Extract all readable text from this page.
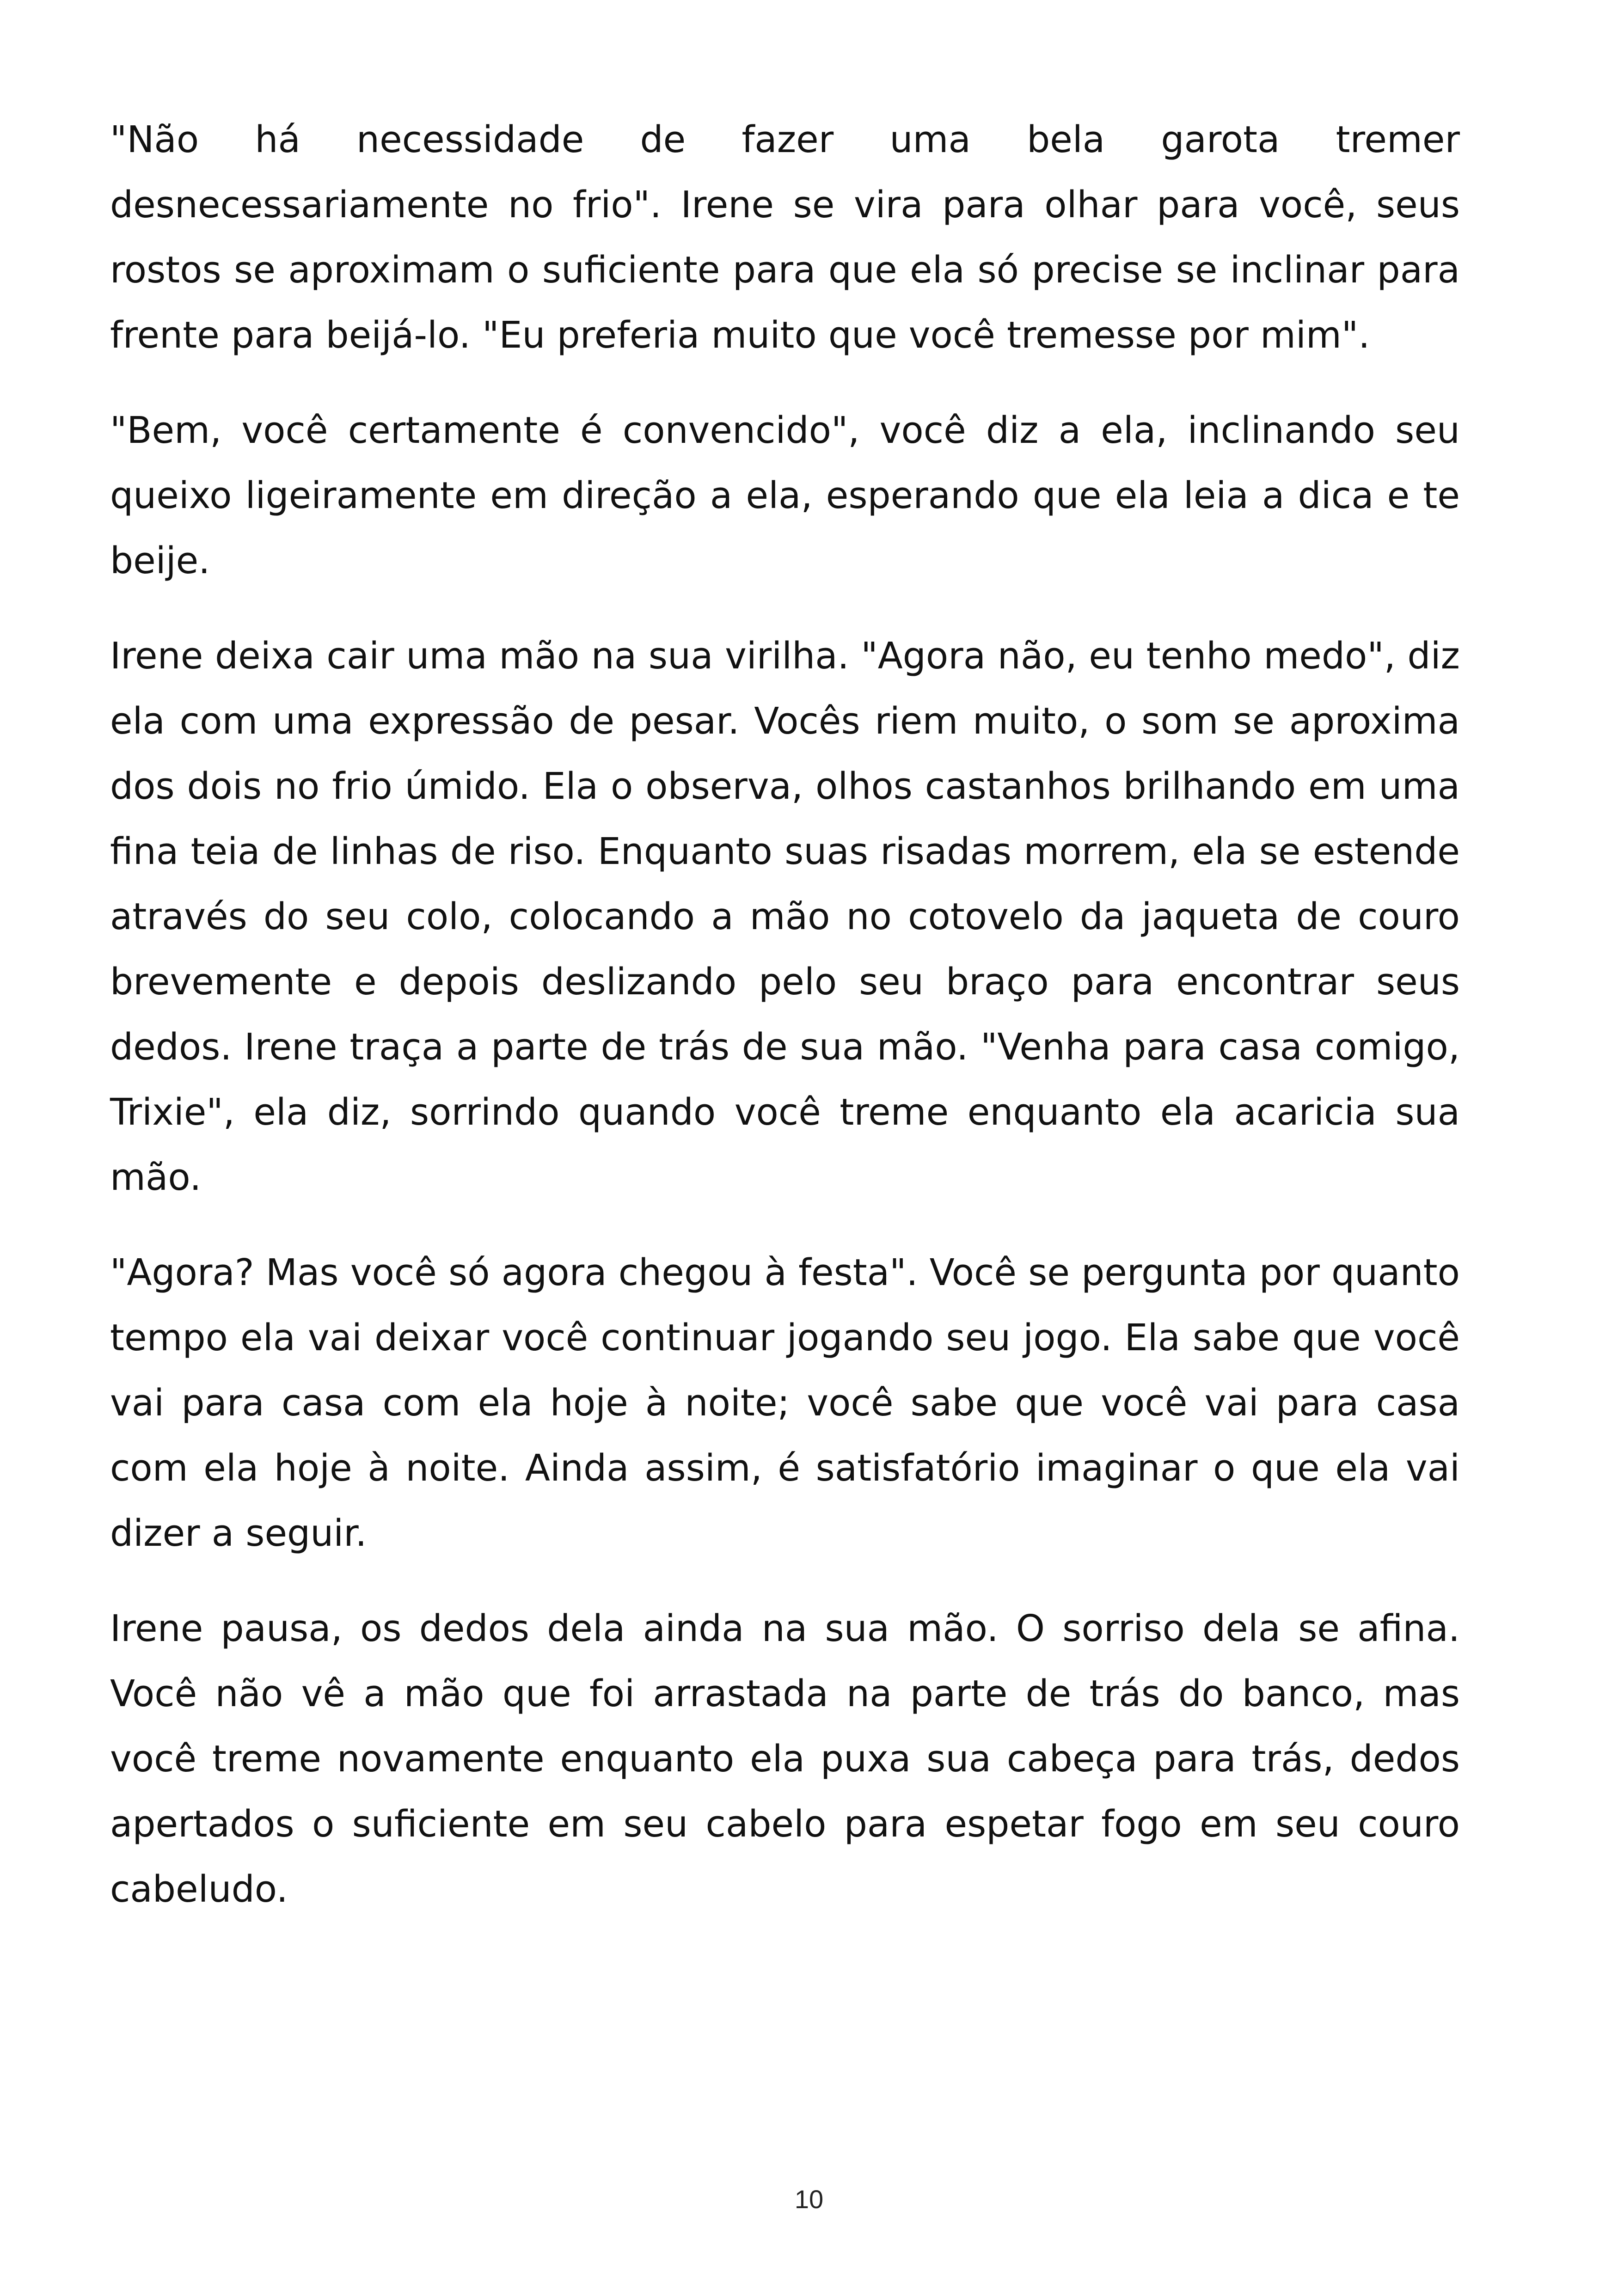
"Não há necessidade de fazer uma bela garota tremer desnecessariamente no frio". Irene se vira para olhar para você, seus rostos se aproximam o suficiente para que ela só precise se inclinar para frente para beijá-lo. "Eu preferia muito que você tremesse por mim".

"Bem, você certamente é convencido", você diz a ela, inclinando seu queixo ligeiramente em direção a ela, esperando que ela leia a dica e te beije.

Irene deixa cair uma mão na sua virilha. "Agora não, eu tenho medo", diz ela com uma expressão de pesar. Vocês riem muito, o som se aproxima dos dois no frio úmido. Ela o observa, olhos castanhos brilhando em uma fina teia de linhas de riso. Enquanto suas risadas morrem, ela se estende através do seu colo, colocando a mão no cotovelo da jaqueta de couro brevemente e depois deslizando pelo seu braço para encontrar seus dedos. Irene traça a parte de trás de sua mão. "Venha para casa comigo, Trixie", ela diz, sorrindo quando você treme enquanto ela acaricia sua mão.

"Agora? Mas você só agora chegou à festa". Você se pergunta por quanto tempo ela vai deixar você continuar jogando seu jogo. Ela sabe que você vai para casa com ela hoje à noite; você sabe que você vai para casa com ela hoje à noite. Ainda assim, é satisfatório imaginar o que ela vai dizer a seguir.

Irene pausa, os dedos dela ainda na sua mão. O sorriso dela se afina. Você não vê a mão que foi arrastada na parte de trás do banco, mas você treme novamente enquanto ela puxa sua cabeça para trás, dedos apertados o suficiente em seu cabelo para espetar fogo em seu couro cabeludo.

10
